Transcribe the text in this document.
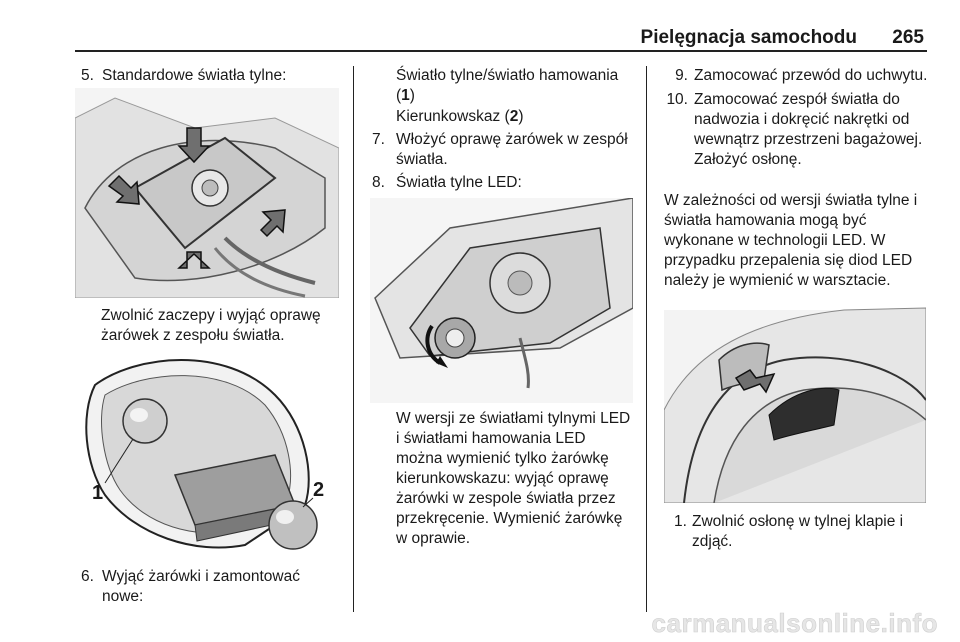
Pielęgnacja samochodu 265
5. Standardowe światła tylne:
Zwolnić zaczepy i wyjąć oprawę żarówek z zespołu światła.
1	2
6. Wyjąć żarówki i zamontować nowe:
Światło tylne/światło hamowania (1)
Kierunkowskaz (2)
7. Włożyć oprawę żarówek w zespół światła.
8. Światła tylne LED:
W wersji ze światłami tylnymi LED i światłami hamowania LED można wymienić tylko żarówkę kierunkowskazu: wyjąć oprawę żarówki w zespole światła przez przekręcenie. Wymienić żarówkę w oprawie.
9. Zamocować przewód do uchwytu.
10. Zamocować zespół światła do nadwozia i dokręcić nakrętki od wewnątrz przestrzeni bagażowej. Założyć osłonę.
W zależności od wersji światła tylne i światła hamowania mogą być wykonane w technologii LED. W przypadku przepalenia się diod LED należy je wymienić w warsztacie.
1. Zwolnić osłonę w tylnej klapie i zdjąć.
carmanualsonline.info
